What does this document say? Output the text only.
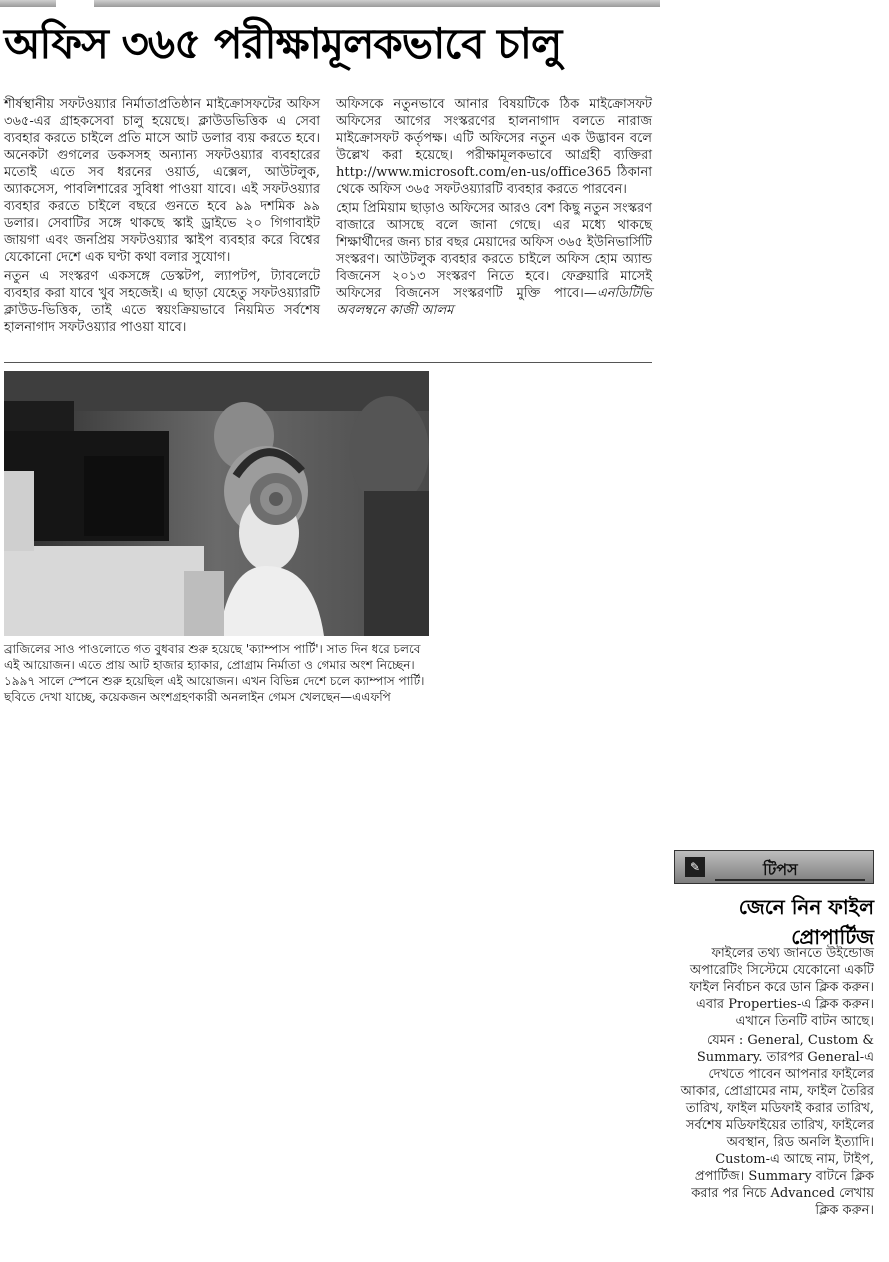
অফিস ৩৬৫ পরীক্ষামূলকভাবে চালু

শীর্ষস্থানীয় সফটওয়্যার নির্মাতাপ্রতিষ্ঠান মাইক্রোসফটের অফিস ৩৬৫-এর গ্রাহকসেবা চালু হয়েছে। ক্লাউডভিত্তিক এ সেবা ব্যবহার করতে চাইলে প্রতি মাসে আট ডলার ব্যয় করতে হবে। অনেকটা গুগলের ডকসসহ অন্যান্য সফটওয়্যার ব্যবহারের মতোই এতে সব ধরনের ওয়ার্ড, এক্সেল, আউটলুক, অ্যাকসেস, পাবলিশারের সুবিধা পাওয়া যাবে। এই সফটওয়্যার ব্যবহার করতে চাইলে বছরে গুনতে হবে ৯৯ দশমিক ৯৯ ডলার। সেবাটির সঙ্গে থাকছে স্কাই ড্রাইভে ২০ গিগাবাইট জায়গা এবং জনপ্রিয় সফটওয়্যার স্কাইপ ব্যবহার করে বিশ্বের যেকোনো দেশে এক ঘণ্টা কথা বলার সুযোগ।

নতুন এ সংস্করণ একসঙ্গে ডেস্কটপ, ল্যাপটপ, ট্যাবলেটে ব্যবহার করা যাবে খুব সহজেই। এ ছাড়া যেহেতু সফটওয়্যারটি ক্লাউড-ভিত্তিক, তাই এতে স্বয়ংক্রিয়ভাবে নিয়মিত সর্বশেষ হালনাগাদ সফটওয়্যার পাওয়া যাবে।

অফিসকে নতুনভাবে আনার বিষয়টিকে ঠিক মাইক্রোসফট অফিসের আগের সংস্করণের হালনাগাদ বলতে নারাজ মাইক্রোসফট কর্তৃপক্ষ। এটি অফিসের নতুন এক উদ্ভাবন বলে উল্লেখ করা হয়েছে। পরীক্ষামূলকভাবে আগ্রহী ব্যক্তিরা http://www.microsoft.com/en-us/office365 ঠিকানা থেকে অফিস ৩৬৫ সফটওয়্যারটি ব্যবহার করতে পারবেন।

হোম প্রিমিয়াম ছাড়াও অফিসের আরও বেশ কিছু নতুন সংস্করণ বাজারে আসছে বলে জানা গেছে। এর মধ্যে থাকছে শিক্ষার্থীদের জন্য চার বছর মেয়াদের অফিস ৩৬৫ ইউনিভার্সিটি সংস্করণ। আউটলুক ব্যবহার করতে চাইলে অফিস হোম অ্যান্ড বিজনেস ২০১৩ সংস্করণ নিতে হবে। ফেব্রুয়ারি মাসেই অফিসের বিজনেস সংস্করণটি মুক্তি পাবে।—এনডিটিভি অবলম্বনে কাজী আলম

ব্রাজিলের সাও পাওলোতে গত বুধবার শুরু হয়েছে 'ক্যাম্পাস পার্টি'। সাত দিন ধরে চলবে এই আয়োজন। এতে প্রায় আট হাজার হ্যাকার, প্রোগ্রাম নির্মাতা ও গেমার অংশ নিচ্ছেন। ১৯৯৭ সালে স্পেনে শুরু হয়েছিল এই আয়োজন। এখন বিভিন্ন দেশে চলে ক্যাম্পাস পার্টি। ছবিতে দেখা যাচ্ছে, কয়েকজন অংশগ্রহণকারী অনলাইন গেমস খেলছেন—এএফপি

✎	টিপস
জেনে নিন ফাইল প্রোপার্টিজ

ফাইলের তথ্য জানতে উইন্ডোজ অপারেটিং সিস্টেমে যেকোনো একটি ফাইল নির্বাচন করে ডান ক্লিক করুন। এবার Properties-এ ক্লিক করুন। এখানে তিনটি বাটন আছে।

যেমন : General, Custom & Summary. তারপর General-এ দেখতে পাবেন আপনার ফাইলের আকার, প্রোগ্রামের নাম, ফাইল তৈরির তারিখ, ফাইল মডিফাই করার তারিখ, সর্বশেষ মডিফাইয়ের তারিখ, ফাইলের অবস্থান, রিড অনলি ইত্যাদি। Custom-এ আছে নাম, টাইপ, প্রপার্টিজ। Summary বাটনে ক্লিক করার পর নিচে Advanced লেখায় ক্লিক করুন।
